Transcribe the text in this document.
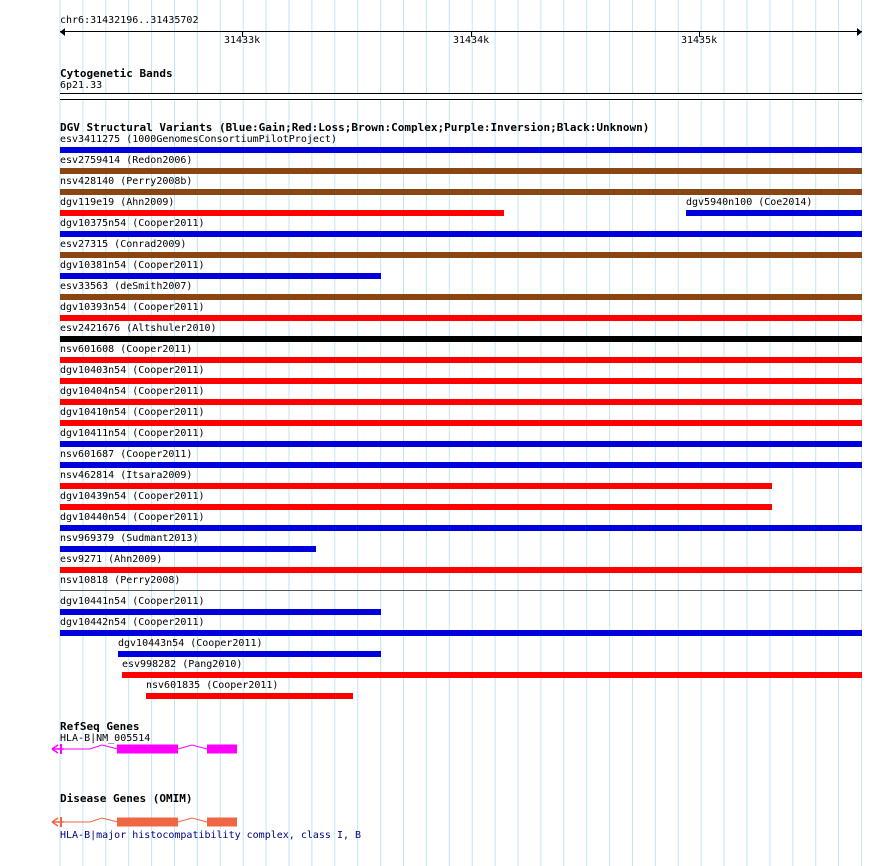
chr6:31432196..31435702
31433k	31434k	31435k
Cytogenetic Bands
6p21.33
DGV Structural Variants (Blue:Gain;Red:Loss;Brown:Complex;Purple:Inversion;Black:Unknown)
esv3411275 (1000GenomesConsortiumPilotProject)
esv2759414 (Redon2006)
nsv428140 (Perry2008b)
dgv119e19 (Ahn2009)	dgv5940n100 (Coe2014)
dgv10375n54 (Cooper2011)
esv27315 (Conrad2009)
dgv10381n54 (Cooper2011)
esv33563 (deSmith2007)
dgv10393n54 (Cooper2011)
esv2421676 (Altshuler2010)
nsv601608 (Cooper2011)
dgv10403n54 (Cooper2011)
dgv10404n54 (Cooper2011)
dgv10410n54 (Cooper2011)
dgv10411n54 (Cooper2011)
nsv601687 (Cooper2011)
nsv462814 (Itsara2009)
dgv10439n54 (Cooper2011)
dgv10440n54 (Cooper2011)
nsv969379 (Sudmant2013)
esv9271 (Ahn2009)
nsv10818 (Perry2008)
dgv10441n54 (Cooper2011)
dgv10442n54 (Cooper2011)
dgv10443n54 (Cooper2011)
esv998282 (Pang2010)
nsv601835 (Cooper2011)
RefSeq Genes
HLA-B|NM_005514
Disease Genes (OMIM)
HLA-B|major histocompatibility complex, class I, B
